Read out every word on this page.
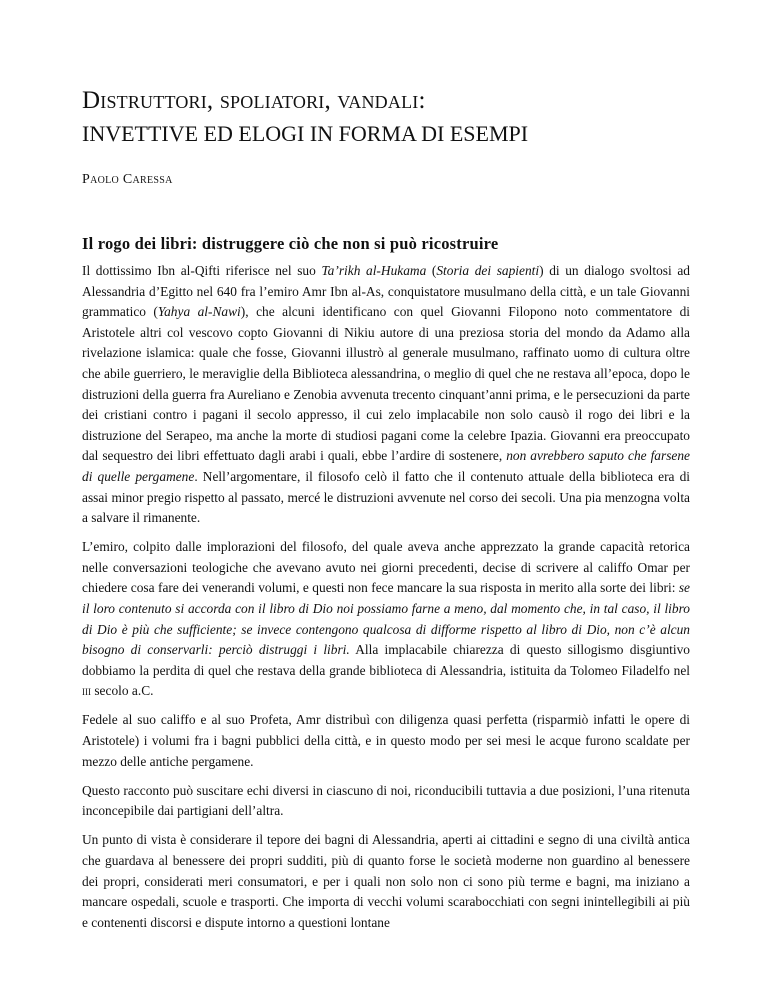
Distruttori, spoliatori, vandali:
INVETTIVE ED ELOGI IN FORMA DI ESEMPI
Paolo Caressa
Il rogo dei libri: distruggere ciò che non si può ricostruire

Il dottissimo Ibn al-Qifti riferisce nel suo Ta’rikh al-Hukama (Storia dei sapienti) di un dialogo svoltosi ad Alessandria d’Egitto nel 640 fra l’emiro Amr Ibn al-As, conquistatore musulmano della città, e un tale Giovanni grammatico (Yahya al-Nawi), che alcuni identificano con quel Giovanni Filopono noto commentatore di Aristotele altri col vescovo copto Giovanni di Nikiu autore di una preziosa storia del mondo da Adamo alla rivelazione islamica: quale che fosse, Giovanni illustrò al generale musulmano, raffinato uomo di cultura oltre che abile guerriero, le meraviglie della Biblioteca alessandrina, o meglio di quel che ne restava all’epoca, dopo le distruzioni della guerra fra Aureliano e Zenobia avvenuta trecento cinquant’anni prima, e le persecuzioni da parte dei cristiani contro i pagani il secolo appresso, il cui zelo implacabile non solo causò il rogo dei libri e la distruzione del Serapeo, ma anche la morte di studiosi pagani come la celebre Ipazia. Giovanni era preoccupato dal sequestro dei libri effettuato dagli arabi i quali, ebbe l’ardire di sostenere, non avrebbero saputo che farsene di quelle pergamene. Nell’argomentare, il filosofo celò il fatto che il contenuto attuale della biblioteca era di assai minor pregio rispetto al passato, mercé le distruzioni avvenute nel corso dei secoli. Una pia menzogna volta a salvare il rimanente.

L’emiro, colpito dalle implorazioni del filosofo, del quale aveva anche apprezzato la grande capacità retorica nelle conversazioni teologiche che avevano avuto nei giorni precedenti, decise di scrivere al califfo Omar per chiedere cosa fare dei venerandi volumi, e questi non fece mancare la sua risposta in merito alla sorte dei libri: se il loro contenuto si accorda con il libro di Dio noi possiamo farne a meno, dal momento che, in tal caso, il libro di Dio è più che sufficiente; se invece contengono qualcosa di difforme rispetto al libro di Dio, non c’è alcun bisogno di conservarli: perciò distruggi i libri. Alla implacabile chiarezza di questo sillogismo disgiuntivo dobbiamo la perdita di quel che restava della grande biblioteca di Alessandria, istituita da Tolomeo Filadelfo nel iii secolo a.C.

Fedele al suo califfo e al suo Profeta, Amr distribuì con diligenza quasi perfetta (risparmiò infatti le opere di Aristotele) i volumi fra i bagni pubblici della città, e in questo modo per sei mesi le acque furono scaldate per mezzo delle antiche pergamene.

Questo racconto può suscitare echi diversi in ciascuno di noi, riconducibili tuttavia a due posizioni, l’una ritenuta inconcepibile dai partigiani dell’altra.

Un punto di vista è considerare il tepore dei bagni di Alessandria, aperti ai cittadini e segno di una civiltà antica che guardava al benessere dei propri sudditi, più di quanto forse le società moderne non guardino al benessere dei propri, considerati meri consumatori, e per i quali non solo non ci sono più terme e bagni, ma iniziano a mancare ospedali, scuole e trasporti. Che importa di vecchi volumi scarabocchiati con segni inintellegibili ai più e contenenti discorsi e dispute intorno a questioni lontane
